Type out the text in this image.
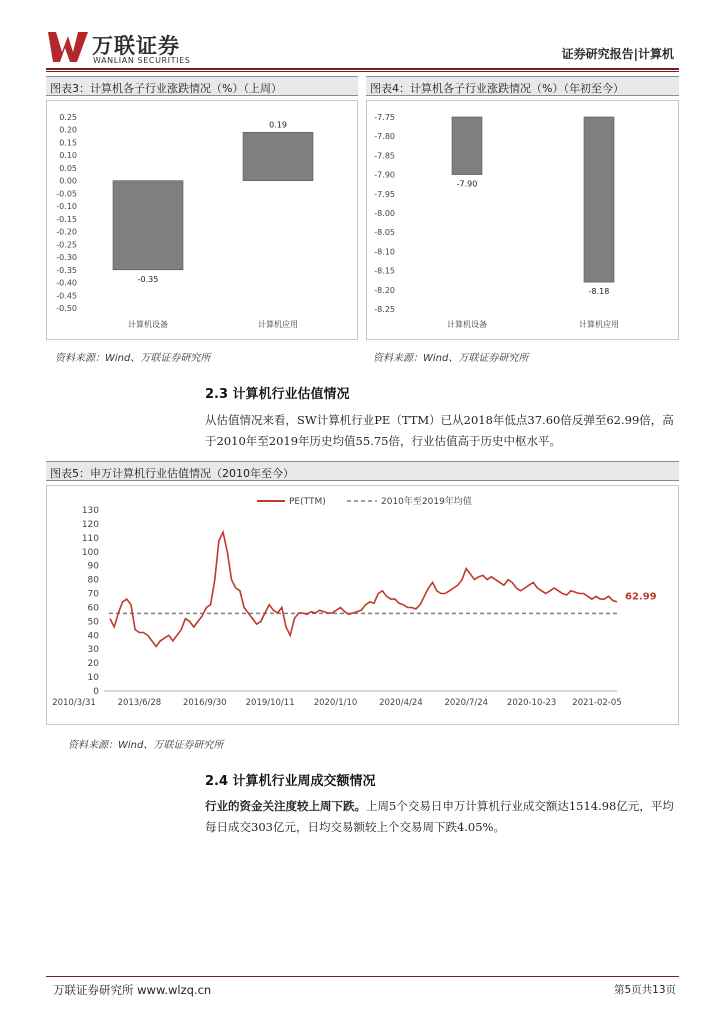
万联证券
WANLIAN SECURITIES	证券研究报告|计算机
图表3：计算机各子行业涨跌情况（%）（上周）	图表4：计算机各子行业涨跌情况（%）（年初至今）
0.25
0.20
0.15
0.10
0.05
0.00
-0.05
-0.10
-0.15
-0.20
-0.25
-0.30
-0.35
-0.40
-0.45
-0.50
-0.35
计算机设备
0.19
计算机应用
-7.75
-7.80
-7.85
-7.90
-7.95
-8.00
-8.05
-8.10
-8.15
-8.20
-8.25
-7.90
计算机设备
-8.18
计算机应用
资料来源：Wind、万联证券研究所	资料来源：Wind、万联证券研究所
2.3 计算机行业估值情况
从估值情况来看，SW计算机行业PE（TTM）已从2018年低点37.60倍反弹至62.99倍，高于2010年至2019年历史均值55.75倍，行业估值高于历史中枢水平。
图表5：申万计算机行业估值情况（2010年至今）
130
120
110
100
90
80
70
60
50
40
30
20
10
0
2010/3/31	2013/6/28	2016/9/30 2019/10/11 2020/1/10	2020/4/24	2020/7/24 2020-10-23 2021-02-05
PE(TTM)	2010年至2019年均值
62.99
资料来源：Wind、万联证券研究所
2.4 计算机行业周成交额情况
行业的资金关注度较上周下跌。上周5个交易日申万计算机行业成交额达1514.98亿元，平均每日成交303亿元，日均交易额较上个交易周下跌4.05%。
万联证券研究所 www.wlzq.cn	第5页共13页
